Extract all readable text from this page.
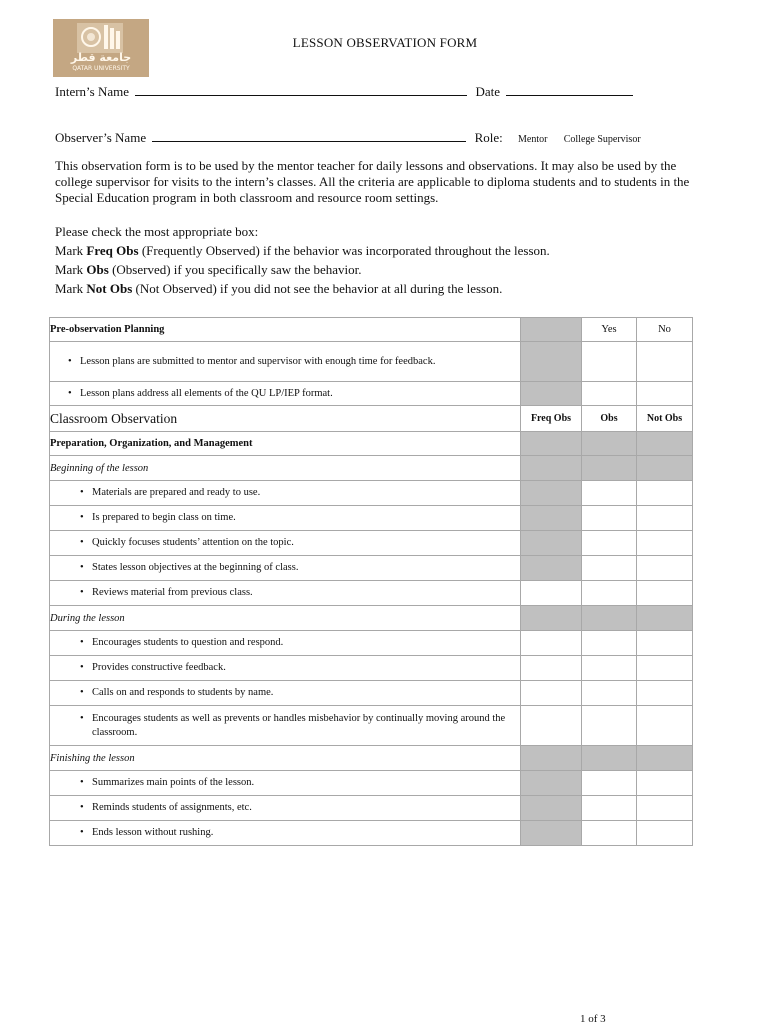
جامعة قطر
QATAR UNIVERSITY
LESSON OBSERVATION FORM
Intern’s Name	Date
Observer’s Name	Role: Mentor College Supervisor
This observation form is to be used by the mentor teacher for daily lessons and observations. It may also be used by the college supervisor for visits to the intern’s classes. All the criteria are applicable to diploma students and to students in the Special Education program in both classroom and resource room settings.
Please check the most appropriate box:
Mark Freq Obs (Frequently Observed) if the behavior was incorporated throughout the lesson.
Mark Obs (Observed) if you specifically saw the behavior.
Mark Not Obs (Not Observed) if you did not see the behavior at all during the lesson.
Pre-observation Planning		Yes	No

• Lesson plans are submitted to mentor and supervisor with enough time for feedback.

• Lesson plans address all elements of the QU LP/IEP format.

Classroom Observation	Freq Obs	Obs	Not Obs
Preparation, Organization, and Management			
Beginning of the lesson			

• Materials are prepared and ready to use.

• Is prepared to begin class on time.

• Quickly focuses students’ attention on the topic.

• States lesson objectives at the beginning of class.

• Reviews material from previous class.

During the lesson			

• Encourages students to question and respond.

• Provides constructive feedback.

• Calls on and responds to students by name.

• Encourages students as well as prevents or handles misbehavior by continually moving around the classroom.

Finishing the lesson			

• Summarizes main points of the lesson.

• Reminds students of assignments, etc.

• Ends lesson without rushing.

1 of 3
